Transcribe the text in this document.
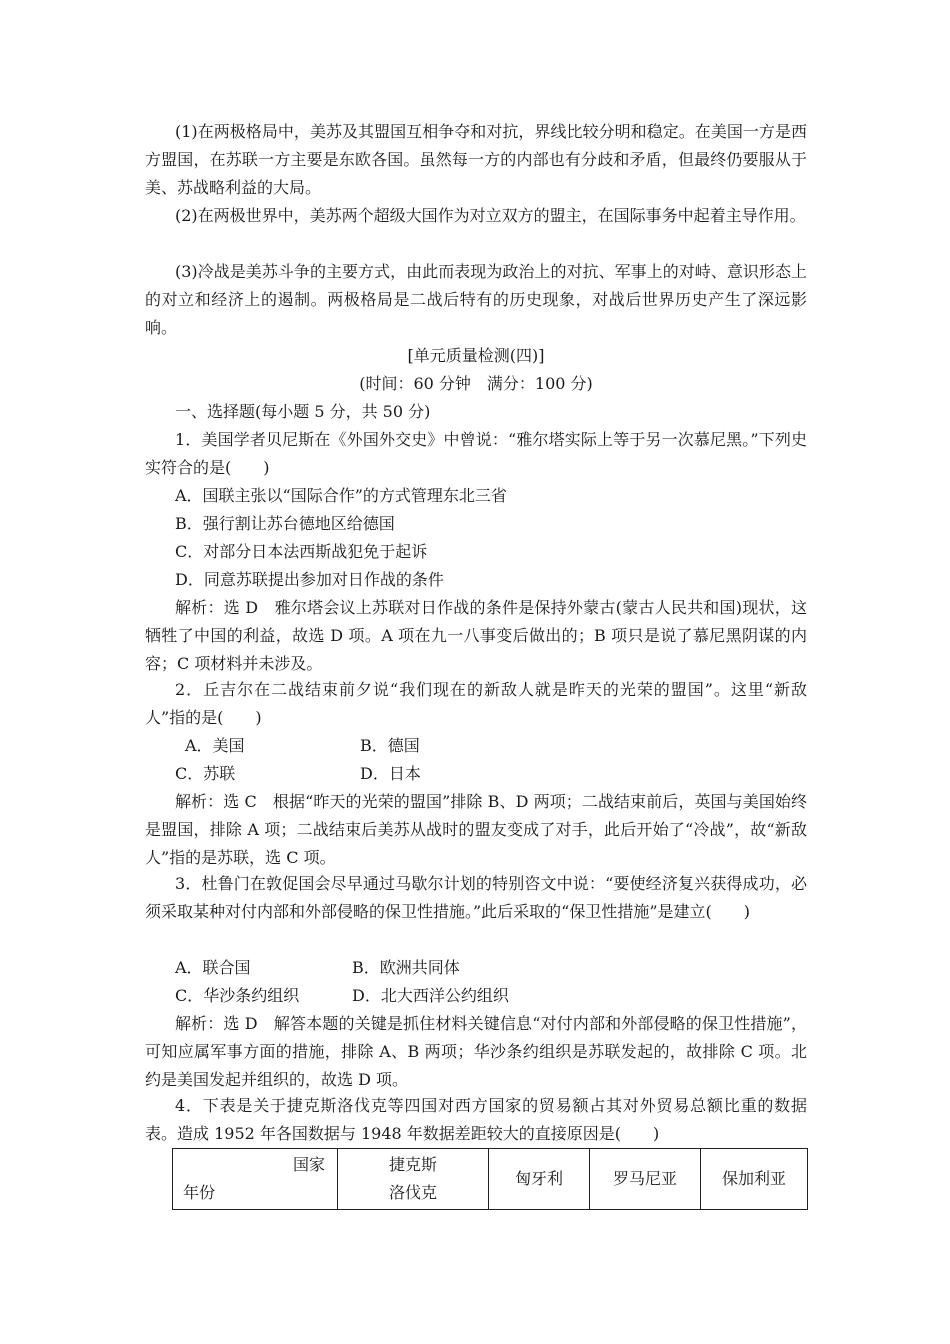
(1)在两极格局中，美苏及其盟国互相争夺和对抗，界线比较分明和稳定。在美国一方是西方盟国，在苏联一方主要是东欧各国。虽然每一方的内部也有分歧和矛盾，但最终仍要服从于美、苏战略利益的大局。

(2)在两极世界中，美苏两个超级大国作为对立双方的盟主，在国际事务中起着主导作用。

(3)冷战是美苏斗争的主要方式，由此而表现为政治上的对抗、军事上的对峙、意识形态上的对立和经济上的遏制。两极格局是二战后特有的历史现象，对战后世界历史产生了深远影响。

[单元质量检测(四)]
(时间：60 分钟　满分：100 分)
一、选择题(每小题 5 分，共 50 分)

1．美国学者贝尼斯在《外国外交史》中曾说：“雅尔塔实际上等于另一次慕尼黑。”下列史实符合的是(　　)

A．国联主张以“国际合作”的方式管理东北三省
B．强行割让苏台德地区给德国
C．对部分日本法西斯战犯免于起诉
D．同意苏联提出参加对日作战的条件

解析：选 D　雅尔塔会议上苏联对日作战的条件是保持外蒙古(蒙古人民共和国)现状，这牺牲了中国的利益，故选 D 项。A 项在九一八事变后做出的；B 项只是说了慕尼黑阴谋的内容；C 项材料并未涉及。

2．丘吉尔在二战结束前夕说“我们现在的新敌人就是昨天的光荣的盟国”。这里“新敌人”指的是(　　)

A．美国	B．德国
C．苏联	D．日本

解析：选 C　根据“昨天的光荣的盟国”排除 B、D 两项；二战结束前后，英国与美国始终是盟国，排除 A 项；二战结束后美苏从战时的盟友变成了对手，此后开始了“冷战”，故“新敌人”指的是苏联，选 C 项。

3．杜鲁门在敦促国会尽早通过马歇尔计划的特别咨文中说：“要使经济复兴获得成功，必须采取某种对付内部和外部侵略的保卫性措施。”此后采取的“保卫性措施”是建立(　　)

A．联合国	B．欧洲共同体
C．华沙条约组织	D．北大西洋公约组织

解析：选 D　解答本题的关键是抓住材料关键信息“对付内部和外部侵略的保卫性措施”，可知应属军事方面的措施，排除 A、B 两项；华沙条约组织是苏联发起的，故排除 C 项。北约是美国发起并组织的，故选 D 项。

4．下表是关于捷克斯洛伐克等四国对西方国家的贸易额占其对外贸易总额比重的数据表。造成 1952 年各国数据与 1948 年数据差距较大的直接原因是(　　)

国家
年份
	捷克斯洛伐克	匈牙利	罗马尼亚	保加利亚
